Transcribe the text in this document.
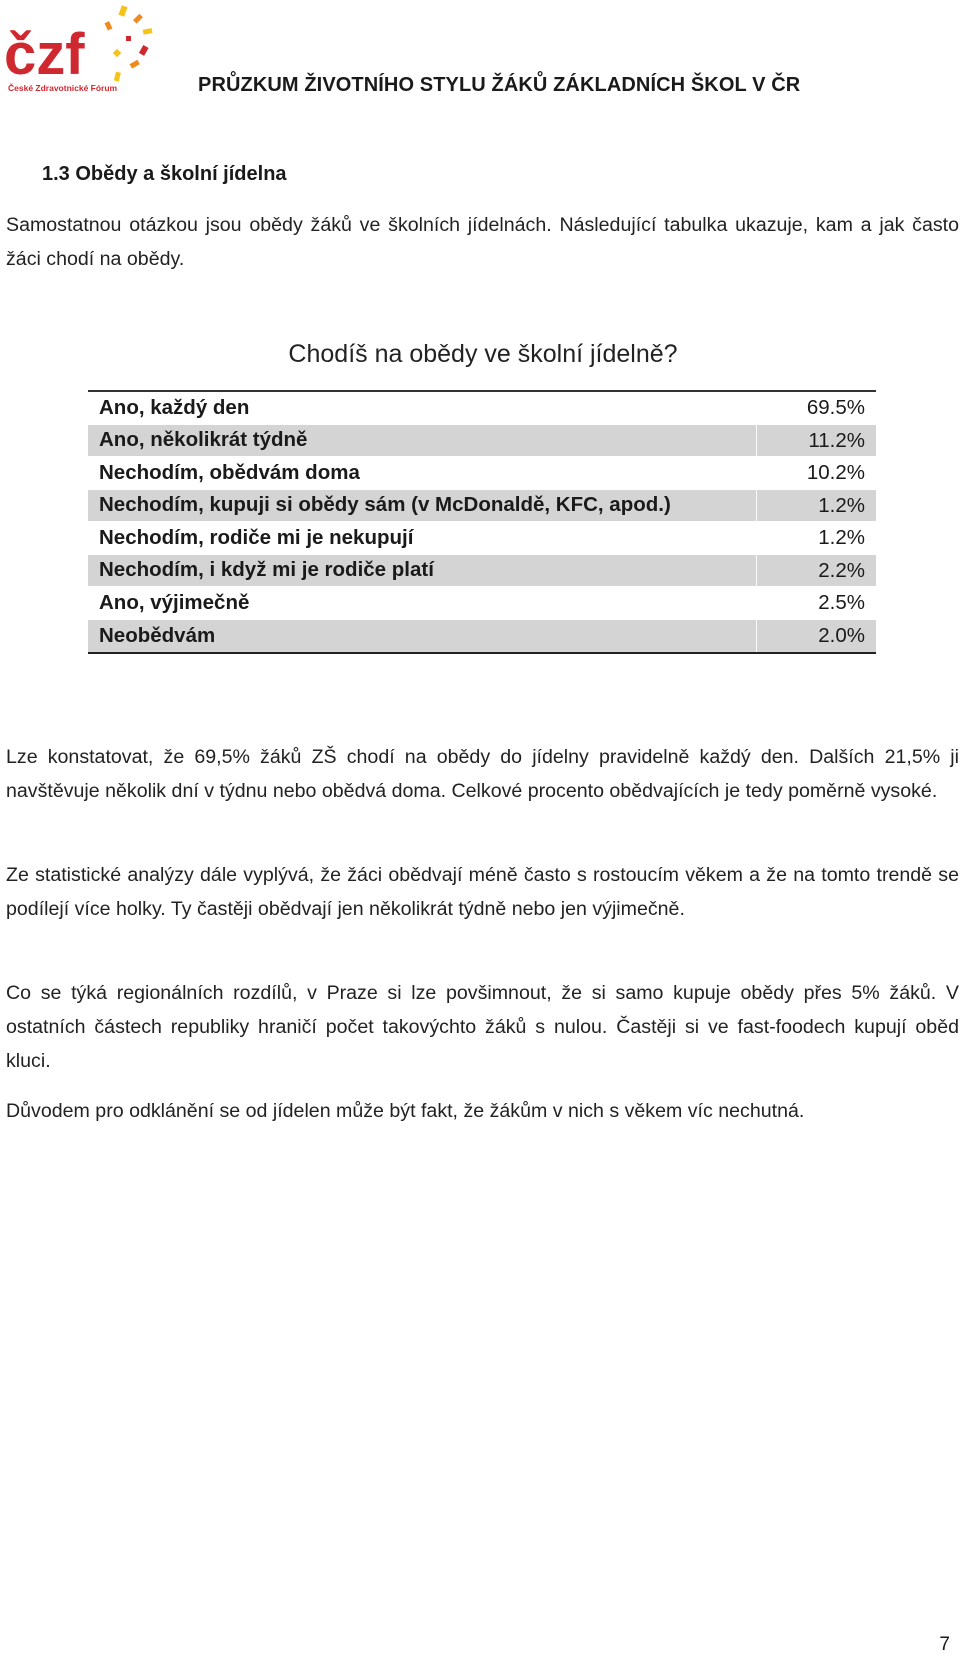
čzf
České Zdravotnické Fórum	PRŮZKUM ŽIVOTNÍHO STYLU ŽÁKŮ ZÁKLADNÍCH ŠKOL V ČR
1.3 Obědy a školní jídelna

Samostatnou otázkou jsou obědy žáků ve školních jídelnách. Následující tabulka ukazuje, kam a jak často žáci chodí na obědy.

Chodíš na obědy ve školní jídelně?
Ano, každý den	69.5%
Ano, několikrát týdně	11.2%
Nechodím, obědvám doma	10.2%
Nechodím, kupuji si obědy sám (v McDonaldě, KFC, apod.)	1.2%
Nechodím, rodiče mi je nekupují	1.2%
Nechodím, i když mi je rodiče platí	2.2%
Ano, výjimečně	2.5%
Neobědvám	2.0%

Lze konstatovat, že 69,5% žáků ZŠ chodí na obědy do jídelny pravidelně každý den. Dalších 21,5% ji navštěvuje několik dní v týdnu nebo obědvá doma. Celkové procento obědvajících je tedy poměrně vysoké.

Ze statistické analýzy dále vyplývá, že žáci obědvají méně často s rostoucím věkem a že na tomto trendě se podílejí více holky. Ty častěji obědvají jen několikrát týdně nebo jen výjimečně.

Co se týká regionálních rozdílů, v Praze si lze povšimnout, že si samo kupuje obědy přes 5% žáků. V ostatních částech republiky hraničí počet takovýchto žáků s nulou. Častěji si ve fast-foodech kupují oběd kluci.

Důvodem pro odklánění se od jídelen může být fakt, že žákům v nich s věkem víc nechutná.

7
